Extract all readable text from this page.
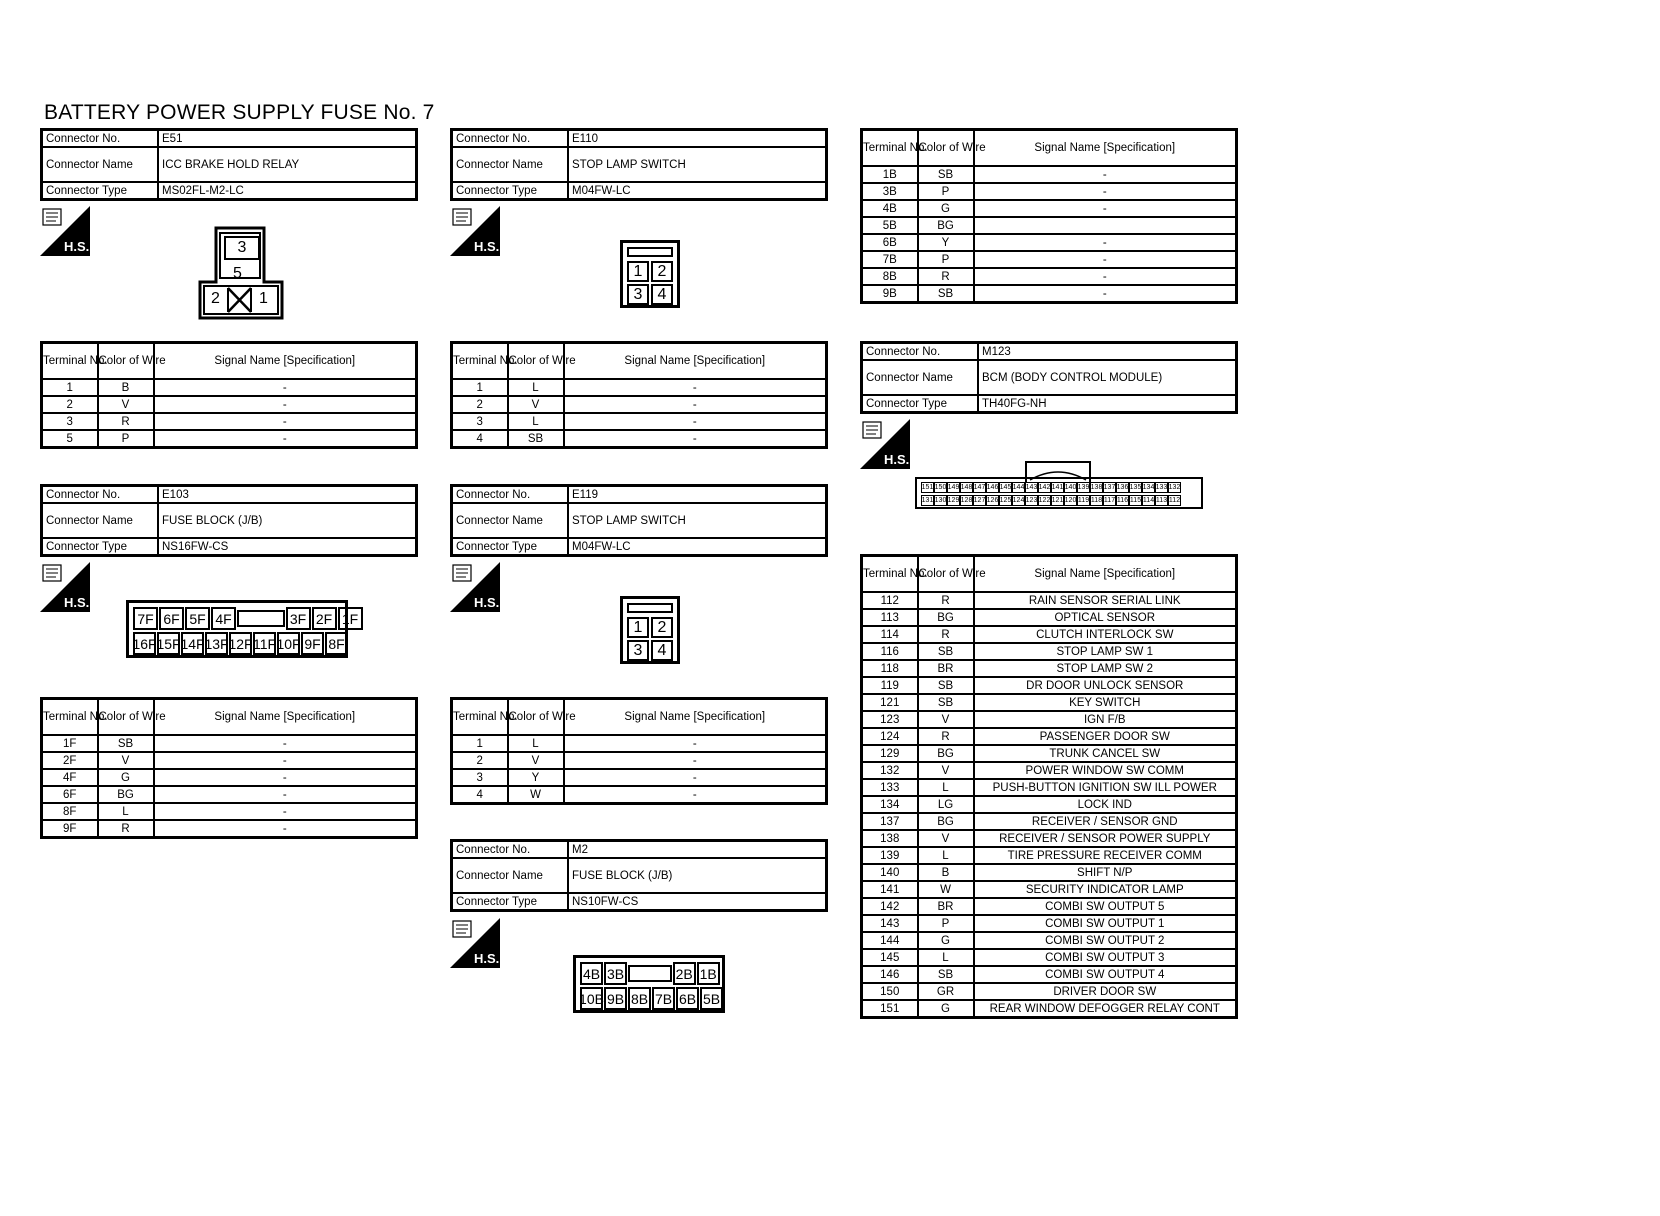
BATTERY POWER SUPPLY FUSE No. 7
Connector No.	E51
Connector Name	ICC BRAKE HOLD RELAY
Connector Type	MS02FL-M2-LC
H.S.	3
5
2 1
Terminal No.	Color of Wire	Signal Name [Specification]
1	B	-
2	V	-
3	R	-
5	P	-
Connector No.	E103
Connector Name	FUSE BLOCK (J/B)
Connector Type	NS16FW-CS
H.S.
7F 6F 5F 4F	3F 2F 1F
16F 15F 14F 13F 12F 11F 10F 9F 8F
Terminal No.	Color of Wire	Signal Name [Specification]
1F	SB	-
2F	V	-
4F	G	-
6F	BG	-
8F	L	-
9F	R	-
Connector No.	E110
Connector Name	STOP LAMP SWITCH
Connector Type	M04FW-LC
H.S.
1 2
3 4
Terminal No.	Color of Wire	Signal Name [Specification]
1	L	-
2	V	-
3	L	-
4	SB	-
Connector No.	E119
Connector Name	STOP LAMP SWITCH
Connector Type	M04FW-LC
H.S.
1 2
3 4
Terminal No.	Color of Wire	Signal Name [Specification]
1	L	-
2	V	-
3	Y	-
4	W	-
Connector No.	M2
Connector Name	FUSE BLOCK (J/B)
Connector Type	NS10FW-CS
H.S.
4B 3B	2B 1B
10B 9B 8B 7B 6B 5B
Terminal No.	Color of Wire	Signal Name [Specification]
1B	SB	-
3B	P	-
4B	G	-
5B	BG	
6B	Y	-
7B	P	-
8B	R	-
9B	SB	-
Connector No.	M123
Connector Name	BCM (BODY CONTROL MODULE)
Connector Type	TH40FG-NH
H.S.
151 150 149 148 147 146 145 144 143 142 141 140 139 138 137 136 135 134 133 132
131 130 129 128 127 126 125 124 123 122 121 120 119 118 117 116 115 114 113 112
Terminal No.	Color of Wire	Signal Name [Specification]
112	R	RAIN SENSOR SERIAL LINK
113	BG	OPTICAL SENSOR
114	R	CLUTCH INTERLOCK SW
116	SB	STOP LAMP SW 1
118	BR	STOP LAMP SW 2
119	SB	DR DOOR UNLOCK SENSOR
121	SB	KEY SWITCH
123	V	IGN F/B
124	R	PASSENGER DOOR SW
129	BG	TRUNK CANCEL SW
132	V	POWER WINDOW SW COMM
133	L	PUSH-BUTTON IGNITION SW ILL POWER
134	LG	LOCK IND
137	BG	RECEIVER / SENSOR GND
138	V	RECEIVER / SENSOR POWER SUPPLY
139	L	TIRE PRESSURE RECEIVER COMM
140	B	SHIFT N/P
141	W	SECURITY INDICATOR LAMP
142	BR	COMBI SW OUTPUT 5
143	P	COMBI SW OUTPUT 1
144	G	COMBI SW OUTPUT 2
145	L	COMBI SW OUTPUT 3
146	SB	COMBI SW OUTPUT 4
150	GR	DRIVER DOOR SW
151	G	REAR WINDOW DEFOGGER RELAY CONT
